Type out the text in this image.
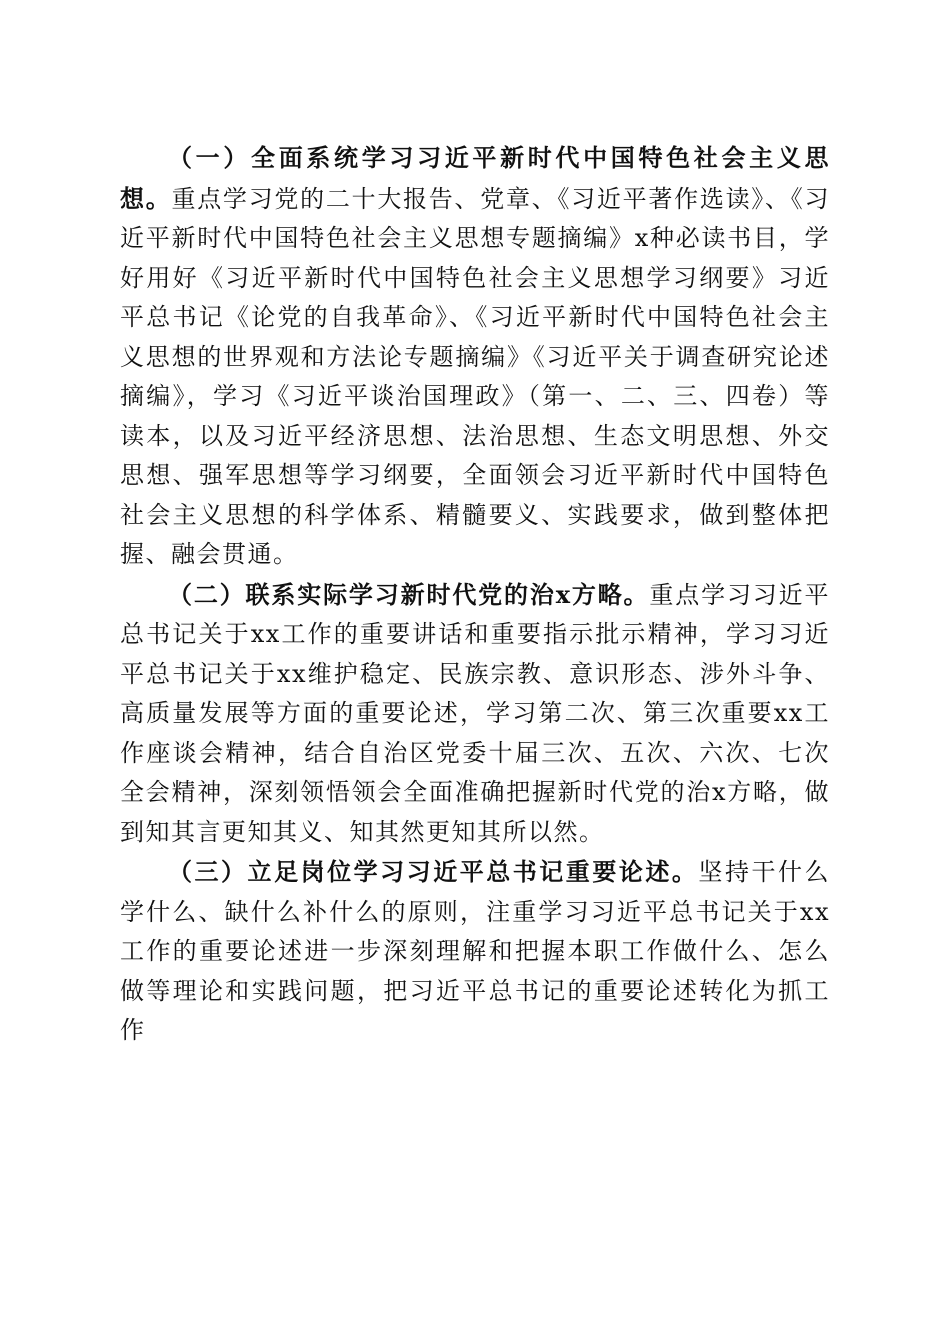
（一）全面系统学习习近平新时代中国特色社会主义思想。重点学习党的二十大报告、党章、《习近平著作选读》、《习近平新时代中国特色社会主义思想专题摘编》x种必读书目，学好用好《习近平新时代中国特色社会主义思想学习纲要》习近平总书记《论党的自我革命》、《习近平新时代中国特色社会主义思想的世界观和方法论专题摘编》《习近平关于调查研究论述摘编》，学习《习近平谈治国理政》（第一、二、三、四卷）等读本，以及习近平经济思想、法治思想、生态文明思想、外交思想、强军思想等学习纲要，全面领会习近平新时代中国特色社会主义思想的科学体系、精髓要义、实践要求，做到整体把握、融会贯通。

（二）联系实际学习新时代党的治x方略。重点学习习近平总书记关于xx工作的重要讲话和重要指示批示精神，学习习近平总书记关于xx维护稳定、民族宗教、意识形态、涉外斗争、高质量发展等方面的重要论述，学习第二次、第三次重要xx工作座谈会精神，结合自治区党委十届三次、五次、六次、七次全会精神，深刻领悟领会全面准确把握新时代党的治x方略，做到知其言更知其义、知其然更知其所以然。

（三）立足岗位学习习近平总书记重要论述。坚持干什么学什么、缺什么补什么的原则，注重学习习近平总书记关于xx工作的重要论述进一步深刻理解和把握本职工作做什么、怎么做等理论和实践问题，把习近平总书记的重要论述转化为抓工作
